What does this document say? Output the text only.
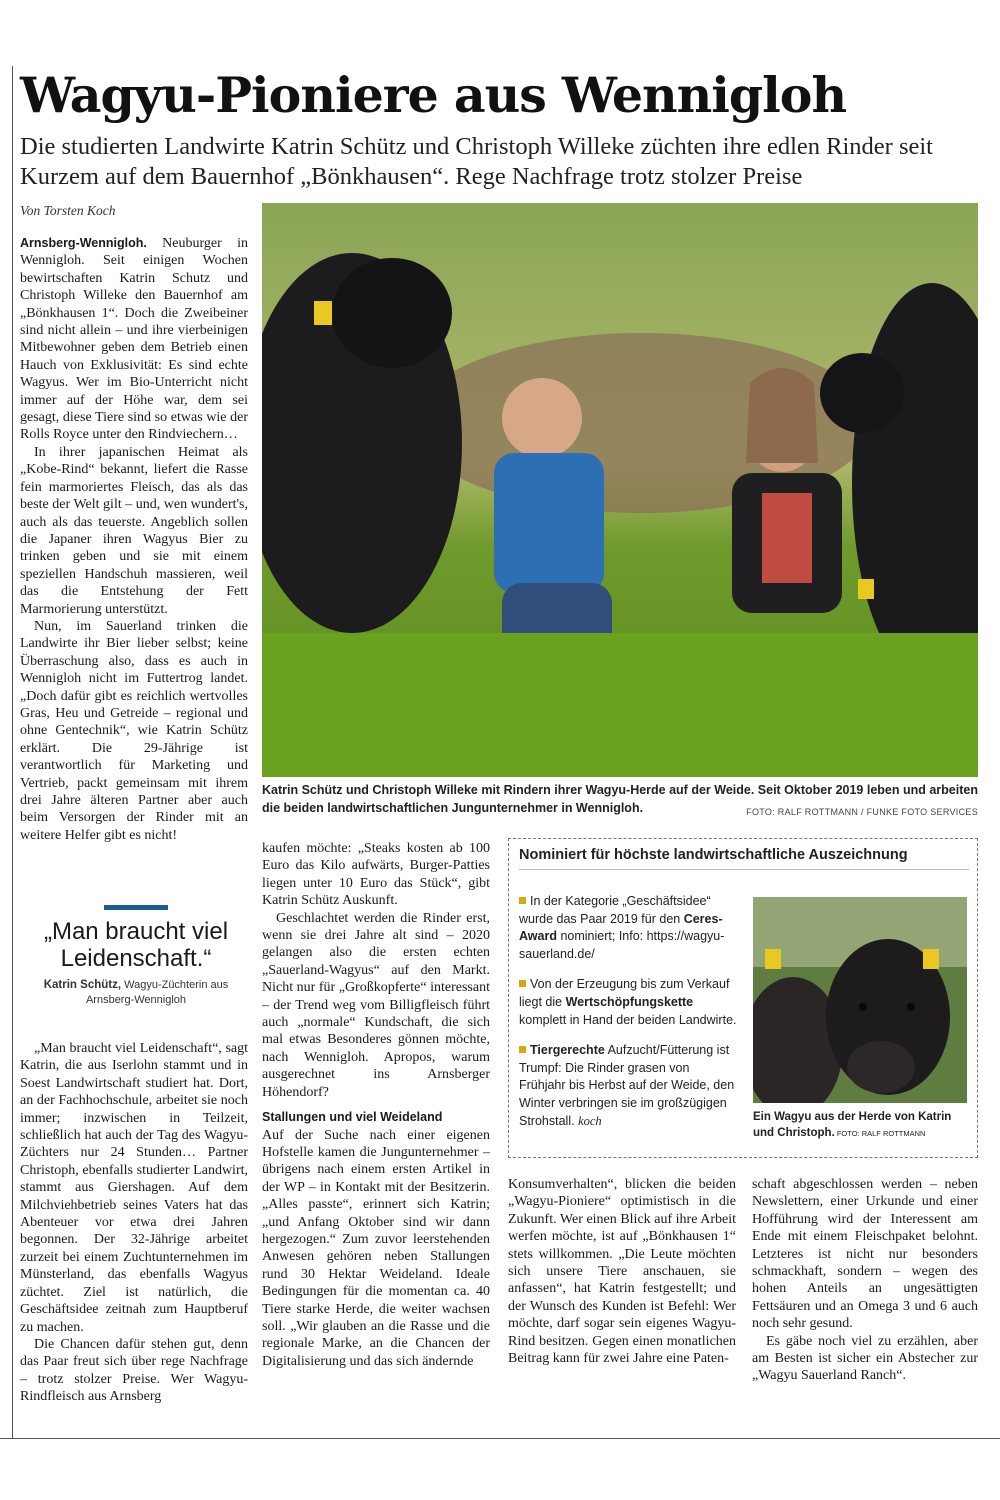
Wagyu-Pioniere aus Wennigloh

Die studierten Landwirte Katrin Schütz und Christoph Willeke züchten ihre edlen Rinder seit Kurzem auf dem Bauernhof „Bönkhausen“. Rege Nachfrage trotz stolzer Preise

Von Torsten Koch

Arnsberg-Wennigloh. Neuburger in Wennigloh. Seit einigen Wochen bewirtschaften Katrin Schutz und Christoph Willeke den Bauernhof am „Bönkhausen 1“. Doch die Zweibeiner sind nicht allein – und ihre vierbeinigen Mitbewohner geben dem Betrieb einen Hauch von Exklusivität: Es sind echte Wagyus. Wer im Bio-Unterricht nicht immer auf der Höhe war, dem sei gesagt, diese Tiere sind so etwas wie der Rolls Royce unter den Rindviechern…

In ihrer japanischen Heimat als „Kobe-Rind“ bekannt, liefert die Rasse fein marmoriertes Fleisch, das als das beste der Welt gilt – und, wen wundert's, auch als das teuerste. Angeblich sollen die Japaner ihren Wagyus Bier zu trinken geben und sie mit einem speziellen Handschuh massieren, weil das die Entstehung der Fett Marmorierung unterstützt.

Nun, im Sauerland trinken die Landwirte ihr Bier lieber selbst; keine Überraschung also, dass es auch in Wennigloh nicht im Futtertrog landet. „Doch dafür gibt es reichlich wertvolles Gras, Heu und Getreide – regional und ohne Gentechnik“, wie Katrin Schütz erklärt. Die 29-Jährige ist verantwortlich für Marketing und Vertrieb, packt gemeinsam mit ihrem drei Jahre älteren Partner aber auch beim Versorgen der Rinder mit an weitere Helfer gibt es nicht!

„Man braucht viel Leidenschaft.“

Katrin Schütz, Wagyu-Züchterin aus Arnsberg-Wennigloh

„Man braucht viel Leidenschaft“, sagt Katrin, die aus Iserlohn stammt und in Soest Landwirtschaft studiert hat. Dort, an der Fachhochschule, arbeitet sie noch immer; inzwischen in Teilzeit, schließlich hat auch der Tag des Wagyu-Züchters nur 24 Stunden… Partner Christoph, ebenfalls studierter Landwirt, stammt aus Giershagen. Auf dem Milchviehbetrieb seines Vaters hat das Abenteuer vor etwa drei Jahren begonnen. Der 32-Jährige arbeitet zurzeit bei einem Zuchtunternehmen im Münsterland, das ebenfalls Wagyus züchtet. Ziel ist natürlich, die Geschäftsidee zeitnah zum Hauptberuf zu machen.

Die Chancen dafür stehen gut, denn das Paar freut sich über rege Nachfrage – trotz stolzer Preise. Wer Wagyu-Rindfleisch aus Arnsberg

Katrin Schütz und Christoph Willeke mit Rindern ihrer Wagyu-Herde auf der Weide. Seit Oktober 2019 leben und arbeiten die beiden landwirtschaftlichen Jungunternehmer in Wennigloh.	FOTO: RALF ROTTMANN / FUNKE FOTO SERVICES

kaufen möchte: „Steaks kosten ab 100 Euro das Kilo aufwärts, Burger-Patties liegen unter 10 Euro das Stück“, gibt Katrin Schütz Auskunft.

Geschlachtet werden die Rinder erst, wenn sie drei Jahre alt sind – 2020 gelangen also die ersten echten „Sauerland-Wagyus“ auf den Markt. Nicht nur für „Großkopferte“ interessant – der Trend weg vom Billigfleisch führt auch „normale“ Kundschaft, die sich mal etwas Besonderes gönnen möchte, nach Wennigloh. Apropos, warum ausgerechnet ins Arnsberger Höhendorf?

Stallungen und viel Weideland

Auf der Suche nach einer eigenen Hofstelle kamen die Jungunternehmer – übrigens nach einem ersten Artikel in der WP – in Kontakt mit der Besitzerin. „Alles passte“, erinnert sich Katrin; „und Anfang Oktober sind wir dann hergezogen.“ Zum zuvor leerstehenden Anwesen gehören neben Stallungen rund 30 Hektar Weideland. Ideale Bedingungen für die momentan ca. 40 Tiere starke Herde, die weiter wachsen soll. „Wir glauben an die Rasse und die regionale Marke, an die Chancen der Digitalisierung und das sich ändernde

Nominiert für höchste landwirtschaftliche Auszeichnung

In der Kategorie „Geschäftsidee“ wurde das Paar 2019 für den Ceres-Award nominiert; Info: https://wagyu-sauerland.de/

Von der Erzeugung bis zum Verkauf liegt die Wertschöpfungskette komplett in Hand der beiden Landwirte.

Tiergerechte Aufzucht/Fütterung ist Trumpf: Die Rinder grasen von Frühjahr bis Herbst auf der Weide, den Winter verbringen sie im großzügigen Strohstall. koch	Ein Wagyu aus der Herde von Katrin und Christoph. FOTO: RALF ROTTMANN

Konsumverhalten“, blicken die beiden „Wagyu-Pioniere“ optimistisch in die Zukunft. Wer einen Blick auf ihre Arbeit werfen möchte, ist auf „Bönkhausen 1“ stets willkommen. „Die Leute möchten sich unsere Tiere anschauen, sie anfassen“, hat Katrin festgestellt; und der Wunsch des Kunden ist Befehl: Wer möchte, darf sogar sein eigenes Wagyu-Rind besitzen. Gegen einen monatlichen Beitrag kann für zwei Jahre eine Paten-

schaft abgeschlossen werden – neben Newslettern, einer Urkunde und einer Hofführung wird der Interessent am Ende mit einem Fleischpaket belohnt. Letzteres ist nicht nur besonders schmackhaft, sondern – wegen des hohen Anteils an ungesättigten Fettsäuren und an Omega 3 und 6 auch noch sehr gesund.

Es gäbe noch viel zu erzählen, aber am Besten ist sicher ein Abstecher zur „Wagyu Sauerland Ranch“.
